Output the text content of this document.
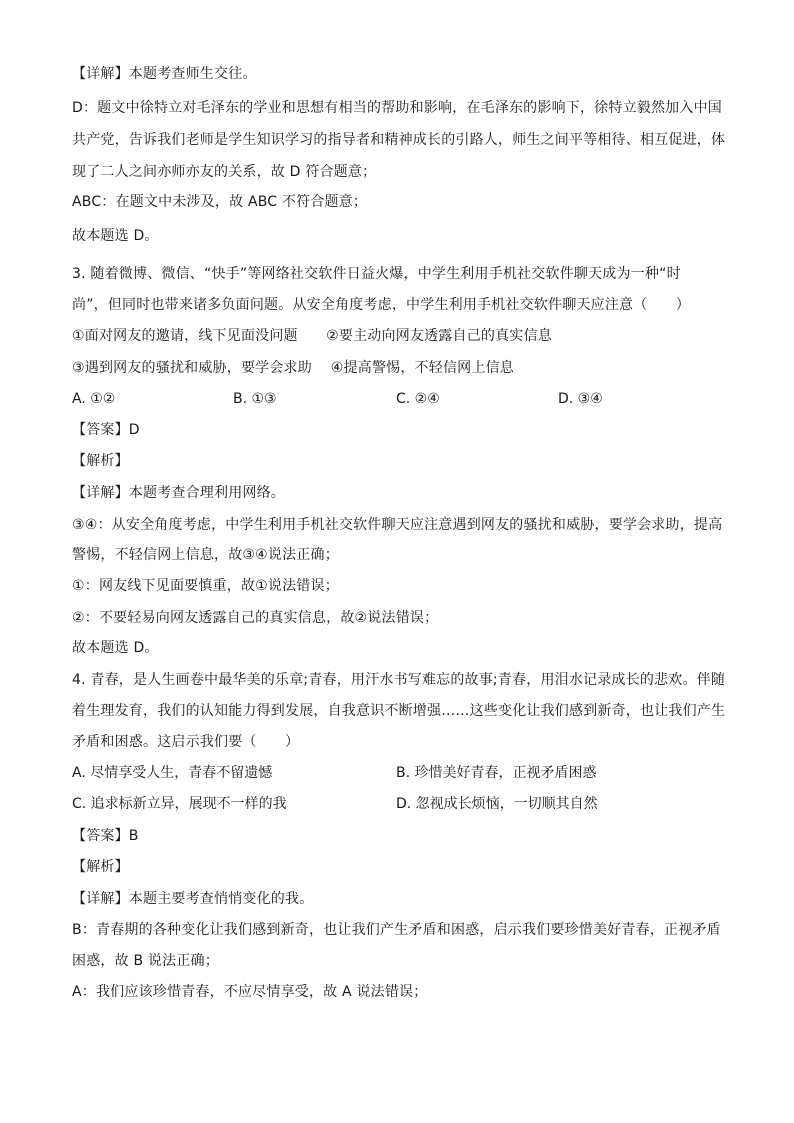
【详解】本题考查师生交往。
D：题文中徐特立对毛泽东的学业和思想有相当的帮助和影响，在毛泽东的影响下，徐特立毅然加入中国
共产党，告诉我们老师是学生知识学习的指导者和精神成长的引路人，师生之间平等相待、相互促进，体
现了二人之间亦师亦友的关系，故 D 符合题意；
ABC：在题文中未涉及，故 ABC 不符合题意；
故本题选 D。
3. 随着微博、微信、“快手”等网络社交软件日益火爆，中学生利用手机社交软件聊天成为一种“时
尚”，但同时也带来诸多负面问题。从安全角度考虑，中学生利用手机社交软件聊天应注意（　　）
①面对网友的邀请，线下见面没问题　　②要主动向网友透露自己的真实信息
③遇到网友的骚扰和威胁，要学会求助　 ④提高警惕，不轻信网上信息
A. ①②	B. ①③	C. ②④	D. ③④
【答案】D
【解析】
【详解】本题考查合理利用网络。
③④：从安全角度考虑，中学生利用手机社交软件聊天应注意遇到网友的骚扰和威胁，要学会求助，提高
警惕，不轻信网上信息，故③④说法正确；
①：网友线下见面要慎重，故①说法错误；
②：不要轻易向网友透露自己的真实信息，故②说法错误；
故本题选 D。
4. 青春，是人生画卷中最华美的乐章;青春，用汗水书写难忘的故事;青春，用泪水记录成长的悲欢。伴随
着生理发育，我们的认知能力得到发展，自我意识不断增强……这些变化让我们感到新奇，也让我们产生
矛盾和困惑。这启示我们要（　　）
A. 尽情享受人生，青春不留遗憾	B. 珍惜美好青春，正视矛盾困惑
C. 追求标新立异，展现不一样的我	D. 忽视成长烦恼，一切顺其自然
【答案】B
【解析】
【详解】本题主要考查悄悄变化的我。
B：青春期的各种变化让我们感到新奇，也让我们产生矛盾和困惑，启示我们要珍惜美好青春，正视矛盾
困惑，故 B 说法正确；
A：我们应该珍惜青春，不应尽情享受，故 A 说法错误；
